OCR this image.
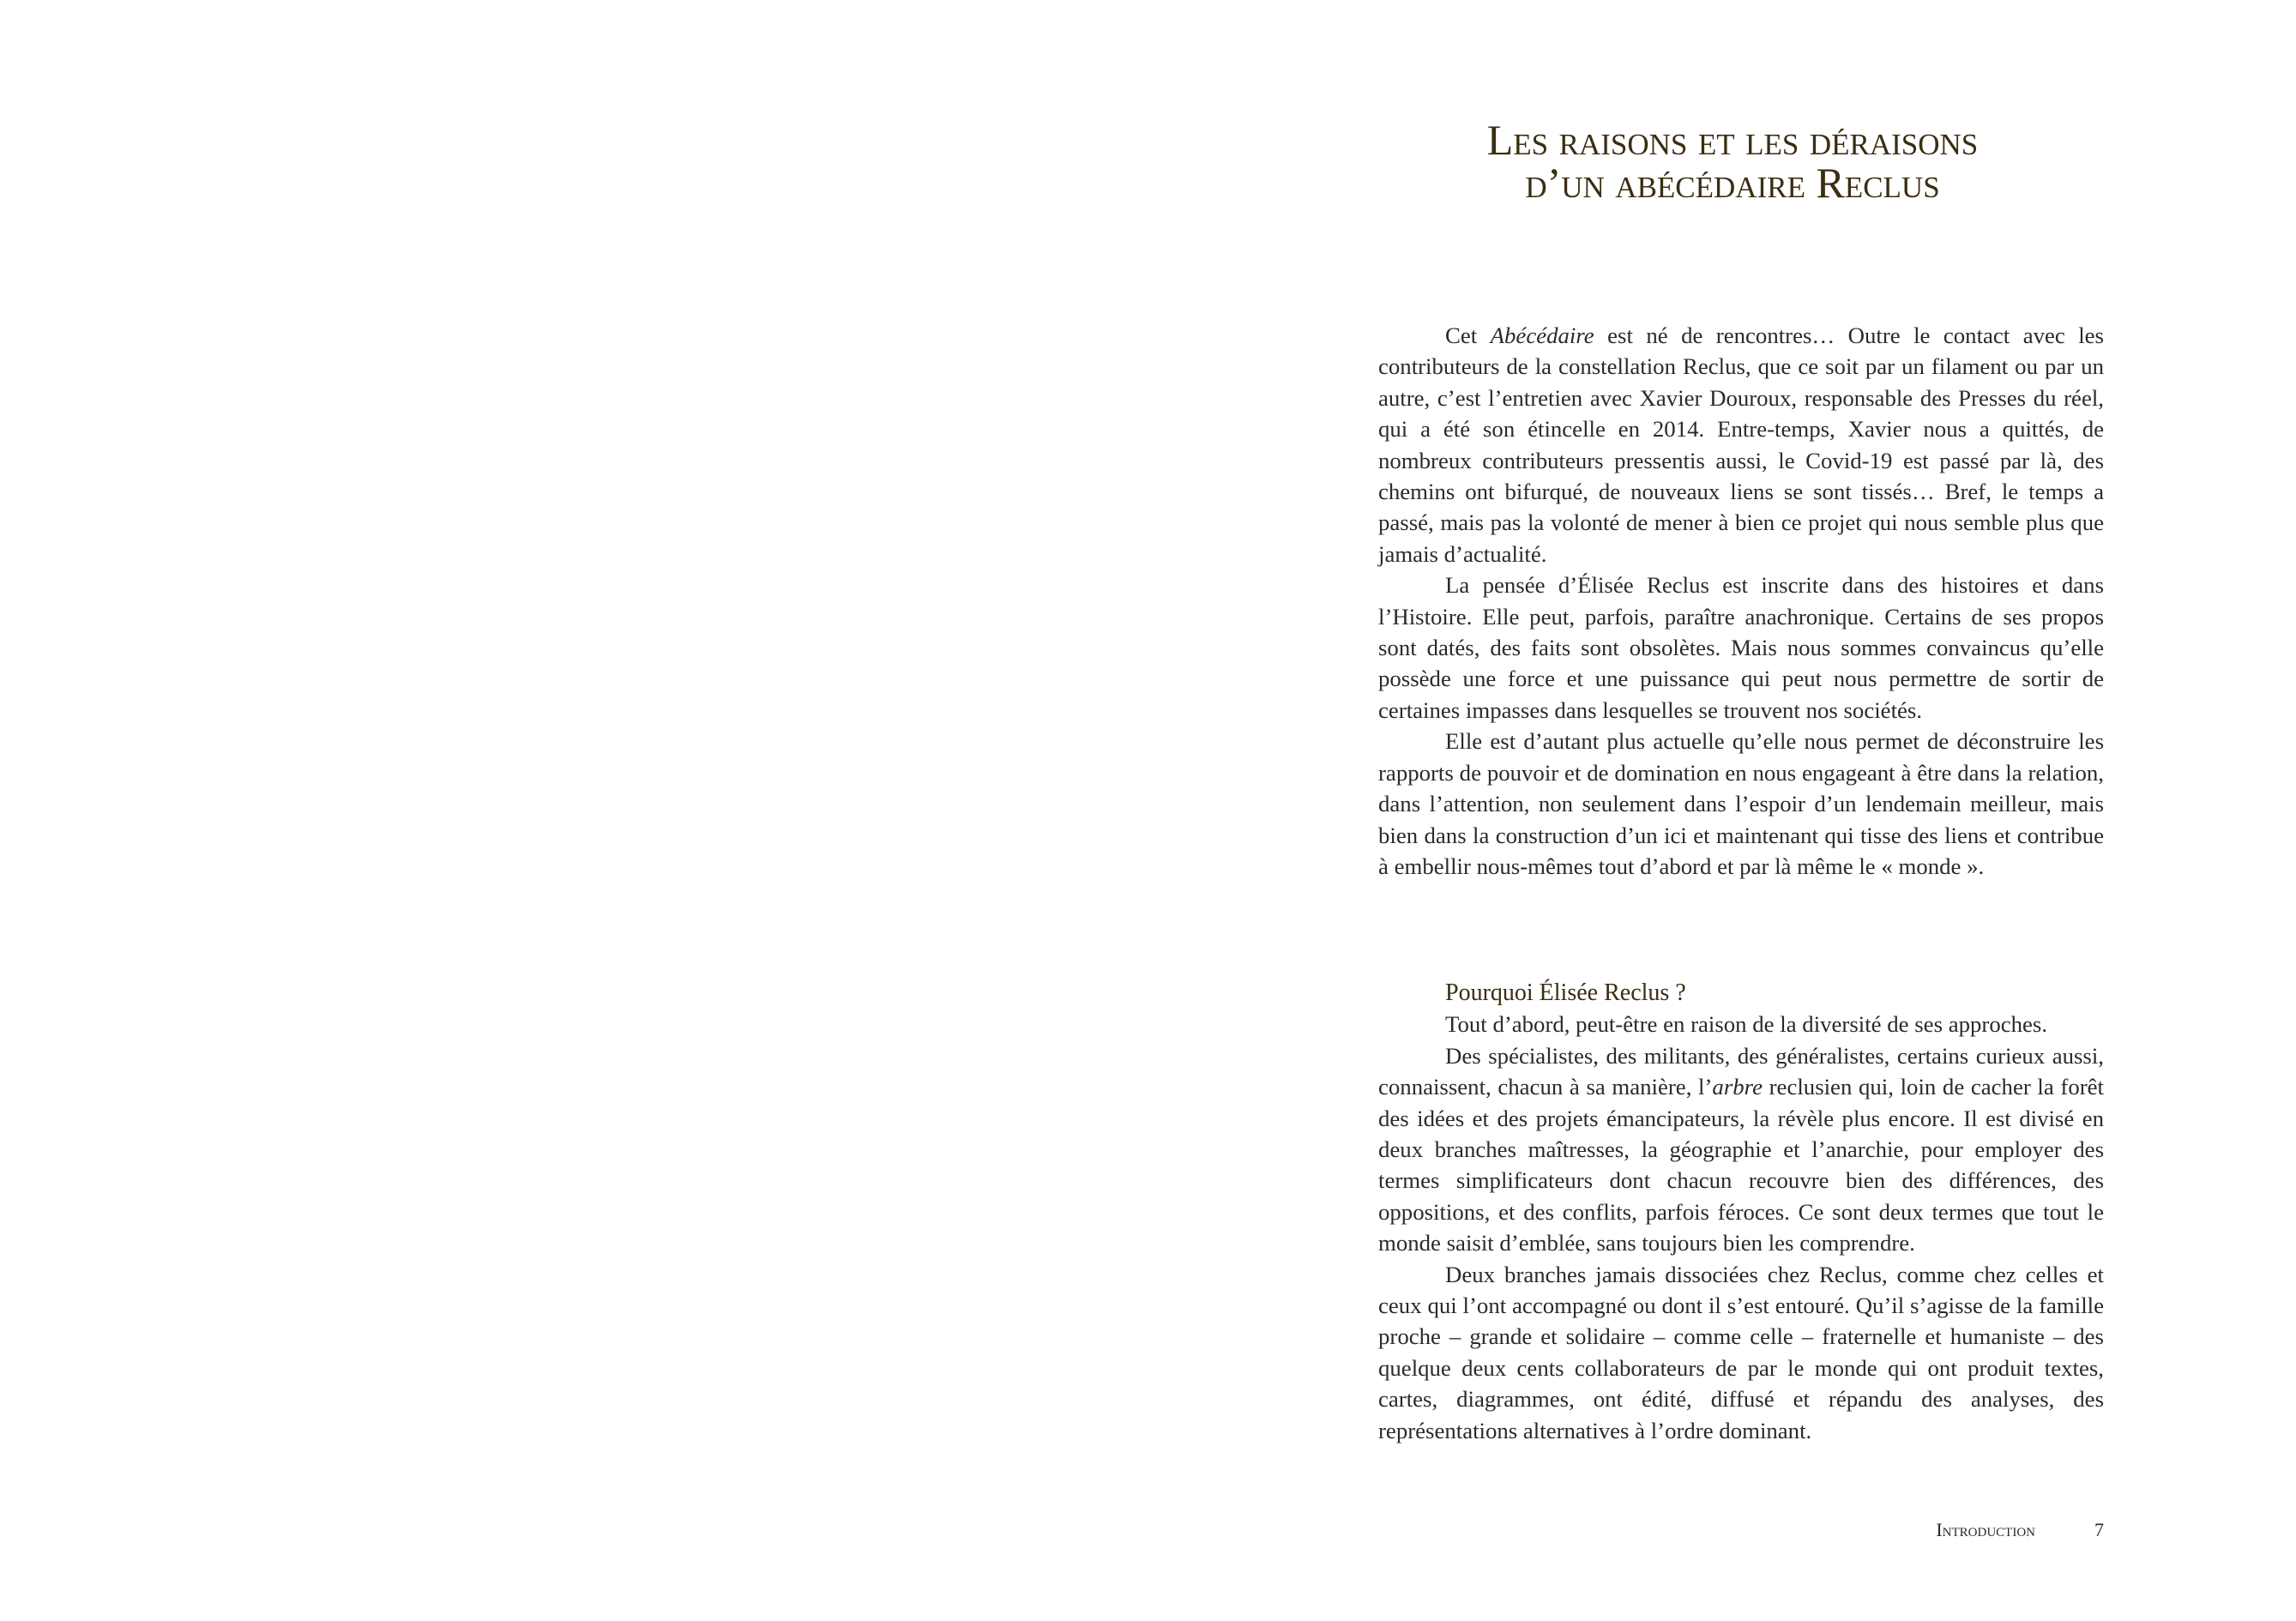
Les raisons et les déraisons
d’un abécédaire Reclus

Cet Abécédaire est né de rencontres… Outre le contact avec les contributeurs de la constellation Reclus, que ce soit par un filament ou par un autre, c’est l’entretien avec Xavier Douroux, responsable des Presses du réel, qui a été son étincelle en 2014. Entre-temps, Xavier nous a quittés, de nombreux contributeurs pressentis aussi, le Covid-19 est passé par là, des chemins ont bifurqué, de nouveaux liens se sont tissés… Bref, le temps a passé, mais pas la volonté de mener à bien ce projet qui nous semble plus que jamais d’actualité.

La pensée d’Élisée Reclus est inscrite dans des histoires et dans l’Histoire. Elle peut, parfois, paraître anachronique. Certains de ses propos sont datés, des faits sont obsolètes. Mais nous sommes convaincus qu’elle possède une force et une puissance qui peut nous permettre de sortir de certaines impasses dans lesquelles se trouvent nos sociétés.

Elle est d’autant plus actuelle qu’elle nous permet de déconstruire les rapports de pouvoir et de domination en nous engageant à être dans la relation, dans l’attention, non seulement dans l’espoir d’un lendemain meilleur, mais bien dans la construction d’un ici et maintenant qui tisse des liens et contribue à embellir nous-mêmes tout d’abord et par là même le « monde ».

Pourquoi Élisée Reclus ?

Tout d’abord, peut-être en raison de la diversité de ses approches.

Des spécialistes, des militants, des généralistes, certains curieux aussi, connaissent, chacun à sa manière, l’arbre reclusien qui, loin de cacher la forêt des idées et des projets émancipateurs, la révèle plus encore. Il est divisé en deux branches maîtresses, la géographie et l’anarchie, pour employer des termes simplificateurs dont chacun recouvre bien des différences, des oppositions, et des conflits, parfois féroces. Ce sont deux termes que tout le monde saisit d’emblée, sans toujours bien les comprendre.

Deux branches jamais dissociées chez Reclus, comme chez celles et ceux qui l’ont accompagné ou dont il s’est entouré. Qu’il s’agisse de la famille proche – grande et solidaire – comme celle – fraternelle et humaniste – des quelque deux cents collaborateurs de par le monde qui ont produit textes, cartes, diagrammes, ont édité, diffusé et répandu des analyses, des représentations alternatives à l’ordre dominant.

Introduction	7
